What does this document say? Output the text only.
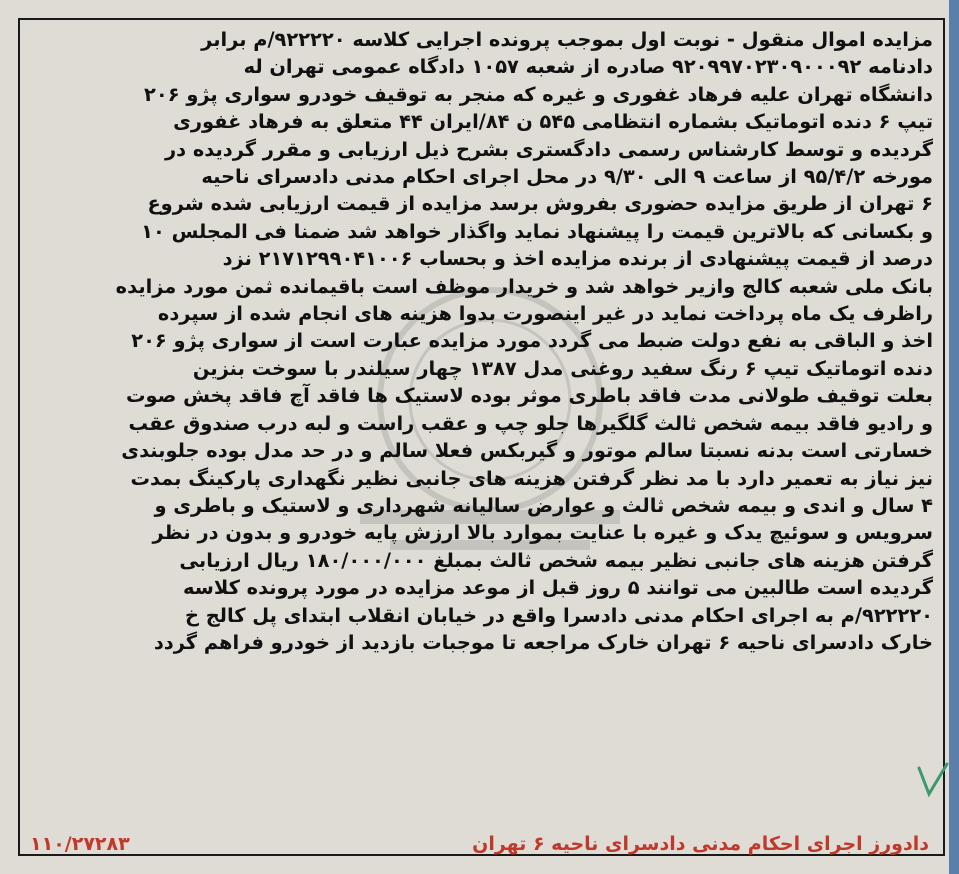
مزایده اموال منقول - نوبت اول بموجب پرونده اجرایی کلاسه ۹۲۲۲۲۰/م برابر
دادنامه ۹۲۰۹۹۷۰۲۳۰۹۰۰۰۹۲ صادره از شعبه ۱۰۵۷ دادگاه عمومی تهران له
دانشگاه تهران علیه فرهاد غفوری و غیره که منجر به توقیف خودرو سواری پژو ۲۰۶
تیپ ۶ دنده اتوماتیک بشماره انتظامی ۵۴۵ ن ۸۴/ایران ۴۴ متعلق به فرهاد غفوری
گردیده و توسط کارشناس رسمی دادگستری بشرح ذیل ارزیابی و مقرر گردیده در
مورخه ۹۵/۴/۲ از ساعت ۹ الی ۹/۳۰ در محل اجرای احکام مدنی دادسرای ناحیه
۶ تهران از طریق مزایده حضوری بفروش برسد مزایده از قیمت ارزیابی شده شروع
و بکسانی که بالاترین قیمت را پیشنهاد نماید واگذار خواهد شد ضمنا فی المجلس ۱۰
درصد از قیمت پیشنهادی از برنده مزایده اخذ و بحساب ۲۱۷۱۲۹۹۰۴۱۰۰۶ نزد
بانک ملی شعبه کالج وازیر خواهد شد و خریدار موظف است باقیمانده ثمن مورد مزایده
راظرف یک ماه پرداخت نماید در غیر اینصورت بدوا هزینه های انجام شده از سپرده
اخذ و الباقی به نفع دولت ضبط می گردد مورد مزایده عبارت است از سواری پژو ۲۰۶
دنده اتوماتیک تیپ ۶ رنگ سفید روغنی مدل ۱۳۸۷ چهار سیلندر با سوخت بنزین
بعلت توقیف طولانی مدت فاقد باطری موثر بوده لاستیک ها فاقد آچ فاقد پخش صوت
و رادیو فاقد بیمه شخص ثالث گلگیرها جلو چپ و عقب راست و لبه درب صندوق عقب
خسارتی است بدنه نسبتا سالم موتور و گیربکس فعلا سالم و در حد مدل بوده جلوبندی
نیز نیاز به تعمیر دارد با مد نظر گرفتن هزینه های جانبی نظیر نگهداری پارکینگ بمدت
۴ سال و اندی و بیمه شخص ثالث و عوارض سالیانه شهرداری و لاستیک و باطری و
سرویس و سوئیچ یدک و غیره با عنایت بموارد بالا ارزش پایه خودرو و بدون در نظر
گرفتن هزینه های جانبی نظیر بیمه شخص ثالث بمبلغ ۱۸۰/۰۰۰/۰۰۰ ریال ارزیابی
گردیده است طالبین می توانند ۵ روز قبل از موعد مزایده در مورد پرونده کلاسه
۹۲۲۲۲۰/م به اجرای احکام مدنی دادسرا واقع در خیابان انقلاب ابتدای پل کالج خ
خارک دادسرای ناحیه ۶ تهران خارک مراجعه تا موجبات بازدید از خودرو فراهم گردد
دادورز اجرای احکام مدنی دادسرای ناحیه ۶ تهران
۱۱۰/۲۷۲۸۳
